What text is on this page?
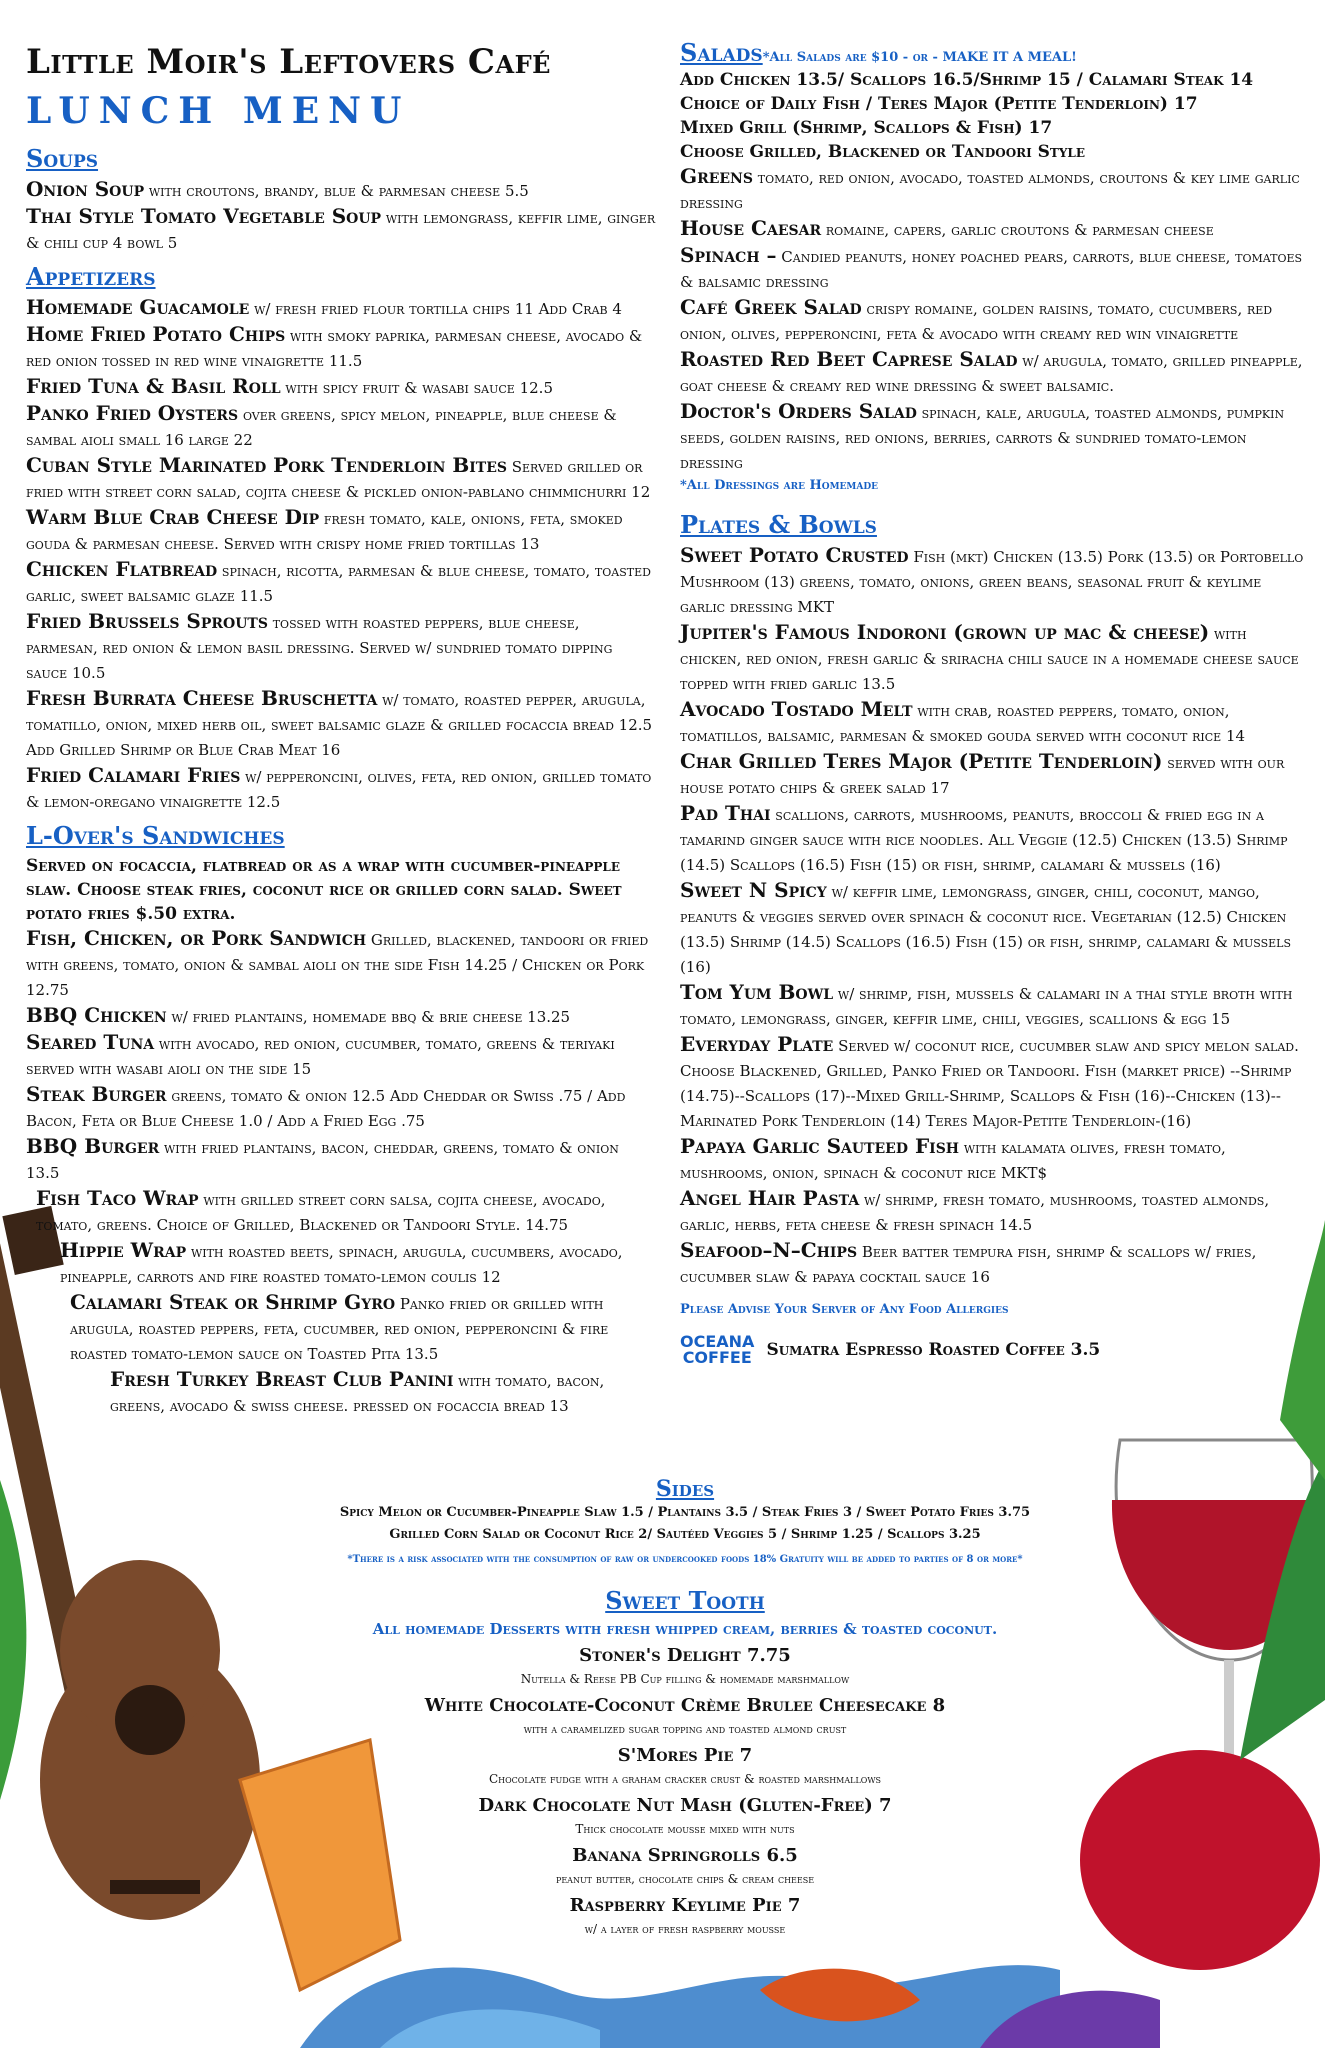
Little Moir's Leftovers Café
LUNCH MENU
Soups
Onion Soup with croutons, brandy, blue & parmesan cheese 5.5
Thai Style Tomato Vegetable Soup with lemongrass, keffir lime, ginger & chili cup 4 bowl 5
Appetizers
Homemade Guacamole w/ fresh fried flour tortilla chips 11 Add Crab 4
Home Fried Potato Chips with smoky paprika, parmesan cheese, avocado & red onion tossed in red wine vinaigrette 11.5
Fried Tuna & Basil Roll with spicy fruit & wasabi sauce 12.5
Panko Fried Oysters over greens, spicy melon, pineapple, blue cheese & sambal aioli small 16 large 22
Cuban Style Marinated Pork Tenderloin Bites Served grilled or fried with street corn salad, cojita cheese & pickled onion-pablano chimmichurri 12
Warm Blue Crab Cheese Dip fresh tomato, kale, onions, feta, smoked gouda & parmesan cheese. Served with crispy home fried tortillas 13
Chicken Flatbread spinach, ricotta, parmesan & blue cheese, tomato, toasted garlic, sweet balsamic glaze 11.5
Fried Brussels Sprouts tossed with roasted peppers, blue cheese, parmesan, red onion & lemon basil dressing. Served w/ sundried tomato dipping sauce 10.5
Fresh Burrata Cheese Bruschetta w/ tomato, roasted pepper, arugula, tomatillo, onion, mixed herb oil, sweet balsamic glaze & grilled focaccia bread 12.5 Add Grilled Shrimp or Blue Crab Meat 16
Fried Calamari Fries w/ pepperoncini, olives, feta, red onion, grilled tomato & lemon-oregano vinaigrette 12.5
L-Over's Sandwiches
Served on focaccia, flatbread or as a wrap with cucumber-pineapple slaw. Choose steak fries, coconut rice or grilled corn salad. Sweet potato fries $.50 extra.
Fish, Chicken, or Pork Sandwich Grilled, blackened, tandoori or fried with greens, tomato, onion & sambal aioli on the side Fish 14.25 / Chicken or Pork 12.75
BBQ Chicken w/ fried plantains, homemade bbq & brie cheese 13.25
Seared Tuna with avocado, red onion, cucumber, tomato, greens & teriyaki served with wasabi aioli on the side 15
Steak Burger greens, tomato & onion 12.5 Add Cheddar or Swiss .75 / Add Bacon, Feta or Blue Cheese 1.0 / Add a Fried Egg .75
BBQ Burger with fried plantains, bacon, cheddar, greens, tomato & onion 13.5
Fish Taco Wrap with grilled street corn salsa, cojita cheese, avocado, tomato, greens. Choice of Grilled, Blackened or Tandoori Style. 14.75
Hippie Wrap with roasted beets, spinach, arugula, cucumbers, avocado, pineapple, carrots and fire roasted tomato-lemon coulis 12
Calamari Steak or Shrimp Gyro Panko fried or grilled with arugula, roasted peppers, feta, cucumber, red onion, pepperoncini & fire roasted tomato-lemon sauce on Toasted Pita 13.5
Fresh Turkey Breast Club Panini with tomato, bacon, greens, avocado & swiss cheese. pressed on focaccia bread 13
Salads*All Salads are $10 - or - MAKE IT A MEAL!
Add Chicken 13.5/ Scallops 16.5/Shrimp 15 / Calamari Steak 14
Choice of Daily Fish / Teres Major (Petite Tenderloin) 17
Mixed Grill (Shrimp, Scallops & Fish) 17
Choose Grilled, Blackened or Tandoori Style
Greens tomato, red onion, avocado, toasted almonds, croutons & key lime garlic dressing
House Caesar romaine, capers, garlic croutons & parmesan cheese
Spinach – Candied peanuts, honey poached pears, carrots, blue cheese, tomatoes & balsamic dressing
Café Greek Salad crispy romaine, golden raisins, tomato, cucumbers, red onion, olives, pepperoncini, feta & avocado with creamy red win vinaigrette
Roasted Red Beet Caprese Salad w/ arugula, tomato, grilled pineapple, goat cheese & creamy red wine dressing & sweet balsamic.
Doctor's Orders Salad spinach, kale, arugula, toasted almonds, pumpkin seeds, golden raisins, red onions, berries, carrots & sundried tomato-lemon dressing
*All Dressings are Homemade
Plates & Bowls
Sweet Potato Crusted Fish (mkt) Chicken (13.5) Pork (13.5) or Portobello Mushroom (13) greens, tomato, onions, green beans, seasonal fruit & keylime garlic dressing MKT
Jupiter's Famous Indoroni (grown up mac & cheese) with chicken, red onion, fresh garlic & sriracha chili sauce in a homemade cheese sauce topped with fried garlic 13.5
Avocado Tostado Melt with crab, roasted peppers, tomato, onion, tomatillos, balsamic, parmesan & smoked gouda served with coconut rice 14
Char Grilled Teres Major (Petite Tenderloin) served with our house potato chips & greek salad 17
Pad Thai scallions, carrots, mushrooms, peanuts, broccoli & fried egg in a tamarind ginger sauce with rice noodles. All Veggie (12.5) Chicken (13.5) Shrimp (14.5) Scallops (16.5) Fish (15) or fish, shrimp, calamari & mussels (16)
Sweet N Spicy w/ keffir lime, lemongrass, ginger, chili, coconut, mango, peanuts & veggies served over spinach & coconut rice. Vegetarian (12.5) Chicken (13.5) Shrimp (14.5) Scallops (16.5) Fish (15) or fish, shrimp, calamari & mussels (16)
Tom Yum Bowl w/ shrimp, fish, mussels & calamari in a thai style broth with tomato, lemongrass, ginger, keffir lime, chili, veggies, scallions & egg 15
Everyday Plate Served w/ coconut rice, cucumber slaw and spicy melon salad. Choose Blackened, Grilled, Panko Fried or Tandoori. Fish (market price) --Shrimp (14.75)--Scallops (17)--Mixed Grill-Shrimp, Scallops & Fish (16)--Chicken (13)--Marinated Pork Tenderloin (14) Teres Major-Petite Tenderloin-(16)
Papaya Garlic Sauteed Fish with kalamata olives, fresh tomato, mushrooms, onion, spinach & coconut rice MKT$
Angel Hair Pasta w/ shrimp, fresh tomato, mushrooms, toasted almonds, garlic, herbs, feta cheese & fresh spinach 14.5
Seafood–N–Chips Beer batter tempura fish, shrimp & scallops w/ fries, cucumber slaw & papaya cocktail sauce 16
Please Advise Your Server of Any Food Allergies
OCEANA
COFFEE Sumatra Espresso Roasted Coffee 3.5
Sides
Spicy Melon or Cucumber-Pineapple Slaw 1.5 / Plantains 3.5 / Steak Fries 3 / Sweet Potato Fries 3.75
Grilled Corn Salad or Coconut Rice 2/ Sautéed Veggies 5 / Shrimp 1.25 / Scallops 3.25
*There is a risk associated with the consumption of raw or undercooked foods 18% Gratuity will be added to parties of 8 or more*
Sweet Tooth
All homemade Desserts with fresh whipped cream, berries & toasted coconut.
Stoner's Delight 7.75
Nutella & Reese PB Cup filling & homemade marshmallow
White Chocolate-Coconut Crème Brulee Cheesecake 8
with a caramelized sugar topping and toasted almond crust
S'Mores Pie 7
Chocolate fudge with a graham cracker crust & roasted marshmallows
Dark Chocolate Nut Mash (Gluten-Free) 7
Thick chocolate mousse mixed with nuts
Banana Springrolls 6.5
peanut butter, chocolate chips & cream cheese
Raspberry Keylime Pie 7
w/ a layer of fresh raspberry mousse
